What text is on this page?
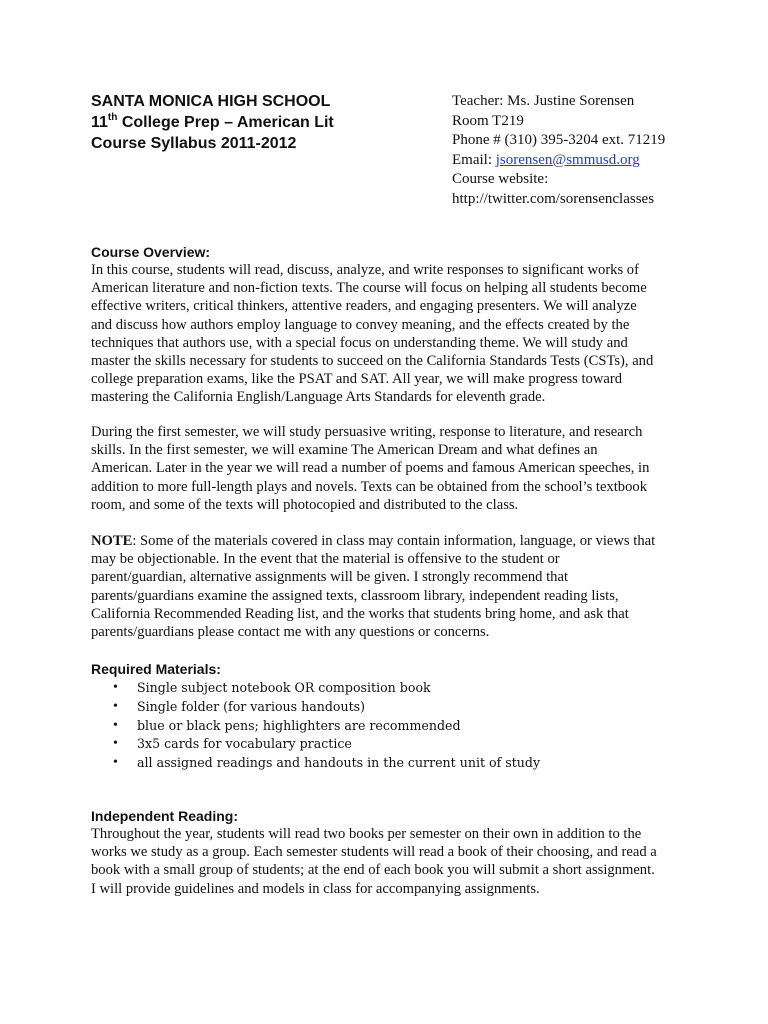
SANTA MONICA HIGH SCHOOL
11th College Prep – American Lit
Course Syllabus 2011-2012
Teacher: Ms. Justine Sorensen
Room T219
Phone # (310) 395-3204 ext. 71219
Email: jsorensen@smmusd.org
Course website:
http://twitter.com/sorensenclasses
Course Overview:
In this course, students will read, discuss, analyze, and write responses to significant works of
American literature and non-fiction texts. The course will focus on helping all students become
effective writers, critical thinkers, attentive readers, and engaging presenters. We will analyze
and discuss how authors employ language to convey meaning, and the effects created by the
techniques that authors use, with a special focus on understanding theme. We will study and
master the skills necessary for students to succeed on the California Standards Tests (CSTs), and
college preparation exams, like the PSAT and SAT. All year, we will make progress toward
mastering the California English/Language Arts Standards for eleventh grade.
During the first semester, we will study persuasive writing, response to literature, and research
skills. In the first semester, we will examine The American Dream and what defines an
American. Later in the year we will read a number of poems and famous American speeches, in
addition to more full-length plays and novels. Texts can be obtained from the school’s textbook
room, and some of the texts will photocopied and distributed to the class.
NOTE: Some of the materials covered in class may contain information, language, or views that
may be objectionable. In the event that the material is offensive to the student or
parent/guardian, alternative assignments will be given. I strongly recommend that
parents/guardians examine the assigned texts, classroom library, independent reading lists,
California Recommended Reading list, and the works that students bring home, and ask that
parents/guardians please contact me with any questions or concerns.
Required Materials:
• Single subject notebook OR composition book
• Single folder (for various handouts)
• blue or black pens; highlighters are recommended
• 3x5 cards for vocabulary practice
• all assigned readings and handouts in the current unit of study
Independent Reading:
Throughout the year, students will read two books per semester on their own in addition to the
works we study as a group. Each semester students will read a book of their choosing, and read a
book with a small group of students; at the end of each book you will submit a short assignment.
I will provide guidelines and models in class for accompanying assignments.
